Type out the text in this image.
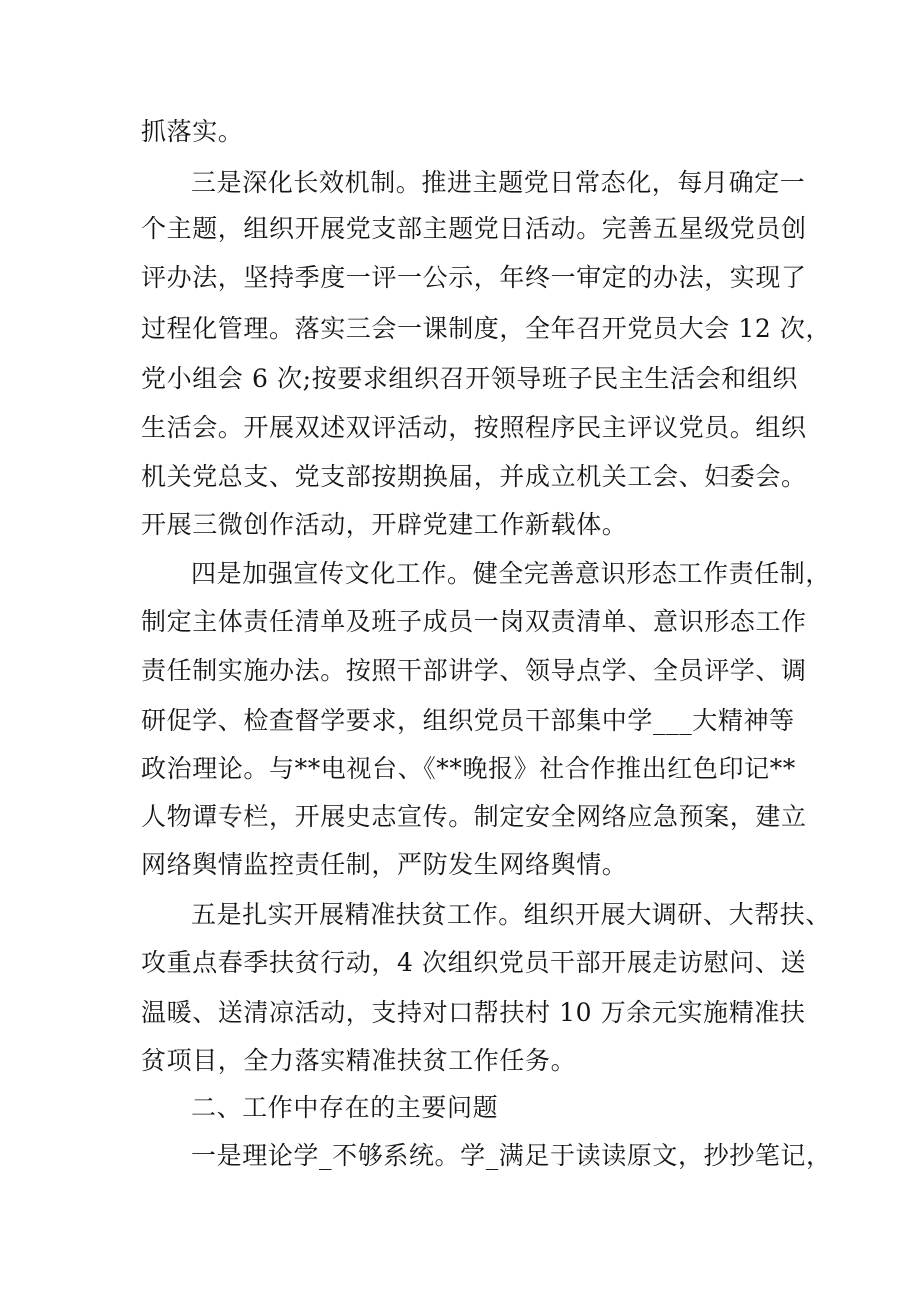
抓落实。
三是深化长效机制。推进主题党日常态化，每月确定一
个主题，组织开展党支部主题党日活动。完善五星级党员创
评办法，坚持季度一评一公示，年终一审定的办法，实现了
过程化管理。落实三会一课制度，全年召开党员大会 12 次，
党小组会 6 次;按要求组织召开领导班子民主生活会和组织
生活会。开展双述双评活动，按照程序民主评议党员。组织
机关党总支、党支部按期换届，并成立机关工会、妇委会。
开展三微创作活动，开辟党建工作新载体。
四是加强宣传文化工作。健全完善意识形态工作责任制，
制定主体责任清单及班子成员一岗双责清单、意识形态工作
责任制实施办法。按照干部讲学、领导点学、全员评学、调
研促学、检查督学要求，组织党员干部集中学___大精神等
政治理论。与**电视台、《**晚报》社合作推出红色印记**
人物谭专栏，开展史志宣传。制定安全网络应急预案，建立
网络舆情监控责任制，严防发生网络舆情。
五是扎实开展精准扶贫工作。组织开展大调研、大帮扶、
攻重点春季扶贫行动，4 次组织党员干部开展走访慰问、送
温暖、送清凉活动，支持对口帮扶村 10 万余元实施精准扶
贫项目，全力落实精准扶贫工作任务。
二、工作中存在的主要问题
一是理论学_不够系统。学_满足于读读原文，抄抄笔记，
